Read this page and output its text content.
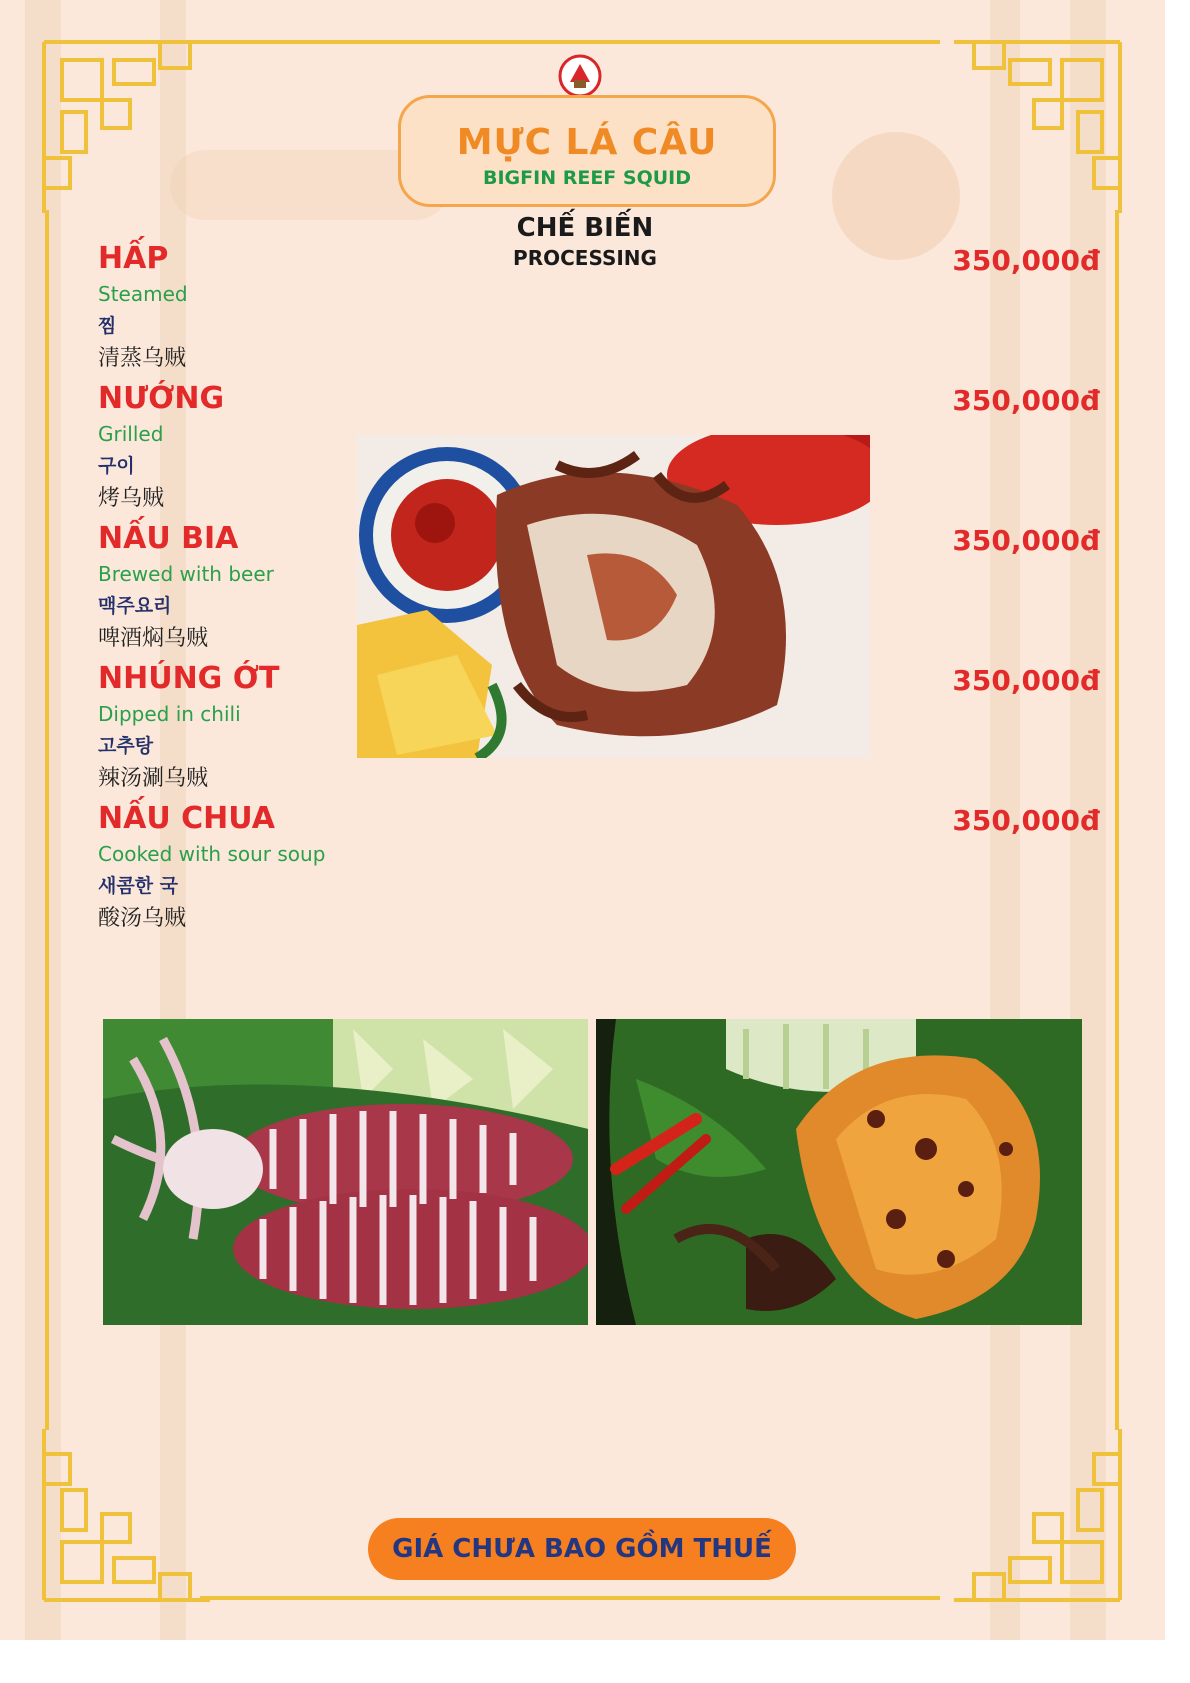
MỰC LÁ CÂU
BIGFIN REEF SQUID
CHẾ BIẾN
PROCESSING
HẤP
Steamed
찜
清蒸乌贼
350,000đ
NƯỚNG
Grilled
구이
烤乌贼
350,000đ
NẤU BIA
Brewed with beer
맥주요리
啤酒焖乌贼
350,000đ
NHÚNG ỚT
Dipped in chili
고추탕
辣汤涮乌贼
350,000đ
NẤU CHUA
Cooked with sour soup
새콤한 국
酸汤乌贼
350,000đ
GIÁ CHƯA BAO GỒM THUẾ
